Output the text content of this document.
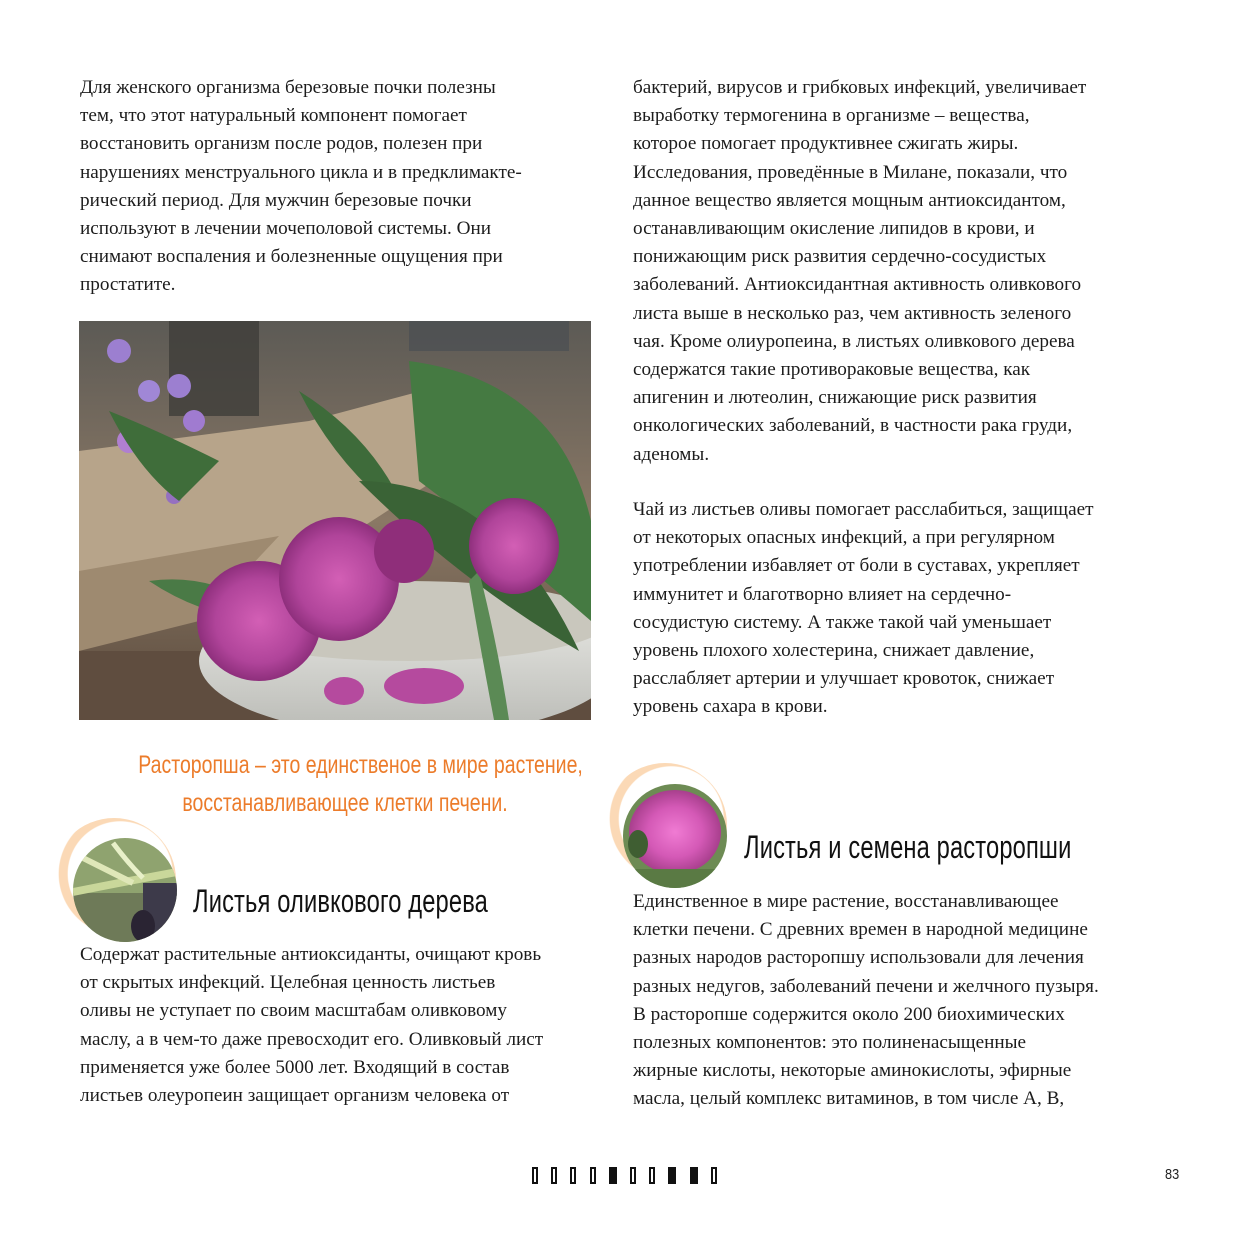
Для женского организма березовые почки полезны
тем, что этот натуральный компонент помогает
восстановить организм после родов, полезен при
нарушениях менструального цикла и в предклимакте-
рический период. Для мужчин березовые почки
используют в лечении мочеполовой системы. Они
снимают воспаления и болезненные ощущения при
простатите.
Расторопша – это единственое в мире растение,
восстанавливающее клетки печени.
Листья оливкового дерева
Содержат растительные антиоксиданты, очищают кровь
от скрытых инфекций. Целебная ценность листьев
оливы не уступает по своим масштабам оливковому
маслу, а в чем-то даже превосходит его. Оливковый лист
применяется уже более 5000 лет. Входящий в состав
листьев олеуропеин защищает организм человека от
бактерий, вирусов и грибковых инфекций, увеличивает
выработку термогенина в организме – вещества,
которое помогает продуктивнее сжигать жиры.
Исследования, проведённые в Милане, показали, что
данное вещество является мощным антиоксидантом,
останавливающим окисление липидов в крови, и
понижающим риск развития сердечно-сосудистых
заболеваний. Антиоксидантная активность оливкового
листа выше в несколько раз, чем активность зеленого
чая. Кроме олиуропеина, в листьях оливкового дерева
содержатся такие противораковые вещества, как
апигенин и лютеолин, снижающие риск развития
онкологических заболеваний, в частности рака груди,
аденомы.
Чай из листьев оливы помогает расслабиться, защищает
от некоторых опасных инфекций, а при регулярном
употреблении избавляет от боли в суставах, укрепляет
иммунитет и благотворно влияет на сердечно-
сосудистую систему. А также такой чай уменьшает
уровень плохого холестерина, снижает давление,
расслабляет артерии и улучшает кровоток, снижает
уровень сахара в крови.
Листья и семена расторопши
Единственное в мире растение, восстанавливающее
клетки печени. С древних времен в народной медицине
разных народов расторопшу использовали для лечения
разных недугов, заболеваний печени и желчного пузыря.
В расторопше содержится около 200 биохимических
полезных компонентов: это полиненасыщенные
жирные кислоты, некоторые аминокислоты, эфирные
масла, целый комплекс витаминов, в том числе А, В,
83
